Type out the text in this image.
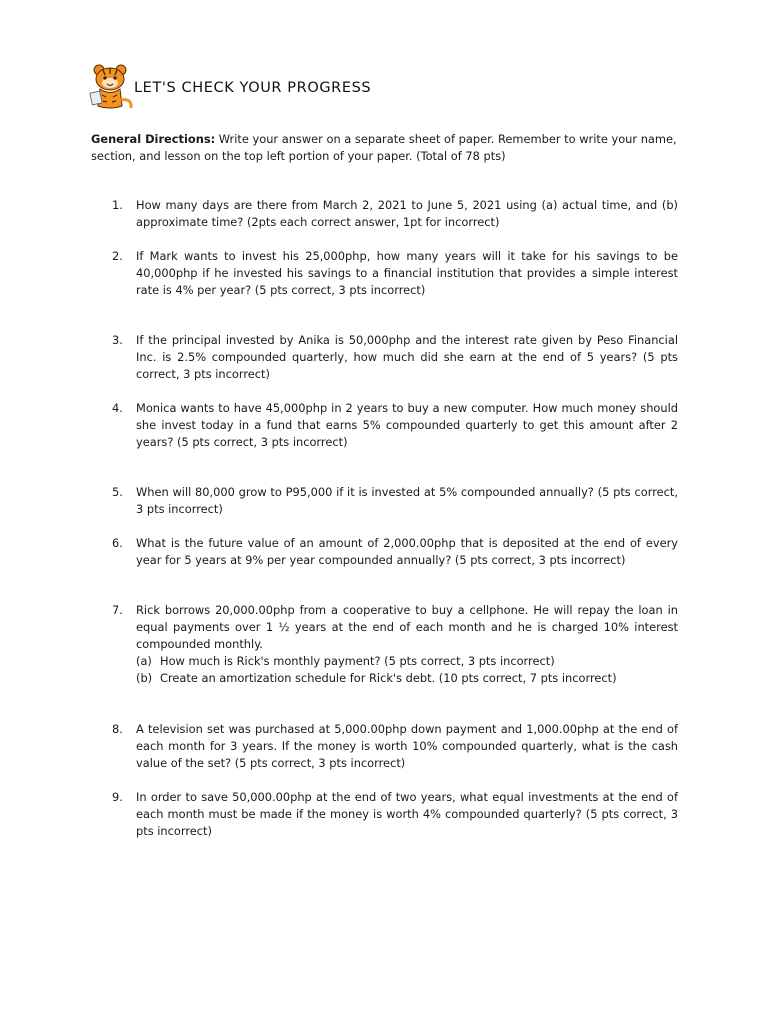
LET'S CHECK YOUR PROGRESS
General Directions: Write your answer on a separate sheet of paper. Remember to write your name, section, and lesson on the top left portion of your paper. (Total of 78 pts)
1.	How many days are there from March 2, 2021 to June 5, 2021 using (a) actual time, and (b) approximate time? (2pts each correct answer, 1pt for incorrect)
2.	If Mark wants to invest his 25,000php, how many years will it take for his savings to be 40,000php if he invested his savings to a financial institution that provides a simple interest rate is 4% per year? (5 pts correct, 3 pts incorrect)
3.	If the principal invested by Anika is 50,000php and the interest rate given by Peso Financial Inc. is 2.5% compounded quarterly, how much did she earn at the end of 5 years? (5 pts correct, 3 pts incorrect)
4.	Monica wants to have 45,000php in 2 years to buy a new computer. How much money should she invest today in a fund that earns 5% compounded quarterly to get this amount after 2 years? (5 pts correct, 3 pts incorrect)
5.	When will 80,000 grow to P95,000 if it is invested at 5% compounded annually? (5 pts correct, 3 pts incorrect)
6.	What is the future value of an amount of 2,000.00php that is deposited at the end of every year for 5 years at 9% per year compounded annually? (5 pts correct, 3 pts incorrect)
7.	Rick borrows 20,000.00php from a cooperative to buy a cellphone. He will repay the loan in equal payments over 1 ½ years at the end of each month and he is charged 10% interest compounded monthly.
(a) How much is Rick's monthly payment? (5 pts correct, 3 pts incorrect)
(b) Create an amortization schedule for Rick's debt. (10 pts correct, 7 pts incorrect)
8.	A television set was purchased at 5,000.00php down payment and 1,000.00php at the end of each month for 3 years. If the money is worth 10% compounded quarterly, what is the cash value of the set? (5 pts correct, 3 pts incorrect)
9.	In order to save 50,000.00php at the end of two years, what equal investments at the end of each month must be made if the money is worth 4% compounded quarterly? (5 pts correct, 3 pts incorrect)
